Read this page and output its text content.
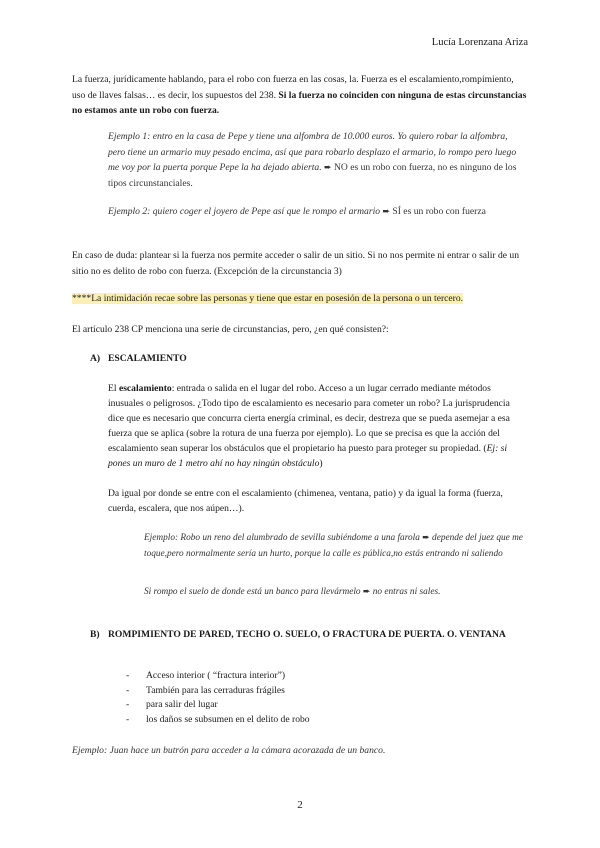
Lucía Lorenzana Ariza

La fuerza, jurídicamente hablando, para el robo con fuerza en las cosas, la. Fuerza es el escalamiento,rompimiento, uso de llaves falsas… es decir, los supuestos del 238. Si la fuerza no coinciden con ninguna de estas circunstancias no estamos ante un robo con fuerza.

Ejemplo 1: entro en la casa de Pepe y tiene una alfombra de 10.000 euros. Yo quiero robar la alfombra, pero tiene un armario muy pesado encima, así que para robarlo desplazo el armario, lo rompo pero luego me voy por la puerta porque Pepe la ha dejado abierta. ➨ NO es un robo con fuerza, no es ninguno de los tipos circunstanciales.

Ejemplo 2: quiero coger el joyero de Pepe así que le rompo el armario ➨ SÍ es un robo con fuerza

En caso de duda: plantear si la fuerza nos permite acceder o salir de un sitio. Si no nos permite ni entrar o salir de un sitio no es delito de robo con fuerza. (Excepción de la circunstancia 3)

****La intimidación recae sobre las personas y tiene que estar en posesión de la persona o un tercero.

El artículo 238 CP menciona una serie de circunstancias, pero, ¿en qué consisten?:

A) ESCALAMIENTO

El escalamiento: entrada o salida en el lugar del robo. Acceso a un lugar cerrado mediante métodos inusuales o peligrosos. ¿Todo tipo de escalamiento es necesario para cometer un robo? La jurisprudencia dice que es necesario que concurra cierta energía criminal, es decir, destreza que se pueda asemejar a esa fuerza que se aplica (sobre la rotura de una fuerza por ejemplo). Lo que se precisa es que la acción del escalamiento sean superar los obstáculos que el propietario ha puesto para proteger su propiedad. (Ej: si pones un muro de 1 metro ahí no hay ningún obstáculo)

Da igual por donde se entre con el escalamiento (chimenea, ventana, patio) y da igual la forma (fuerza, cuerda, escalera, que nos aúpen…).

Ejemplo: Robo un reno del alumbrado de sevilla subiéndome a una farola ➨ depende del juez que me toque,pero normalmente sería un hurto, porque la calle es pública,no estás entrando ni saliendo

Si rompo el suelo de donde está un banco para llevármelo ➨ no entras ni sales.

B) ROMPIMIENTO DE PARED, TECHO O. SUELO, O FRACTURA DE PUERTA. O. VENTANA
- Acceso interior ( “fractura interior”)
- También para las cerraduras frágiles
- para salir del lugar
- los daños se subsumen en el delito de robo

Ejemplo: Juan hace un butrón para acceder a la cámara acorazada de un banco.

2
